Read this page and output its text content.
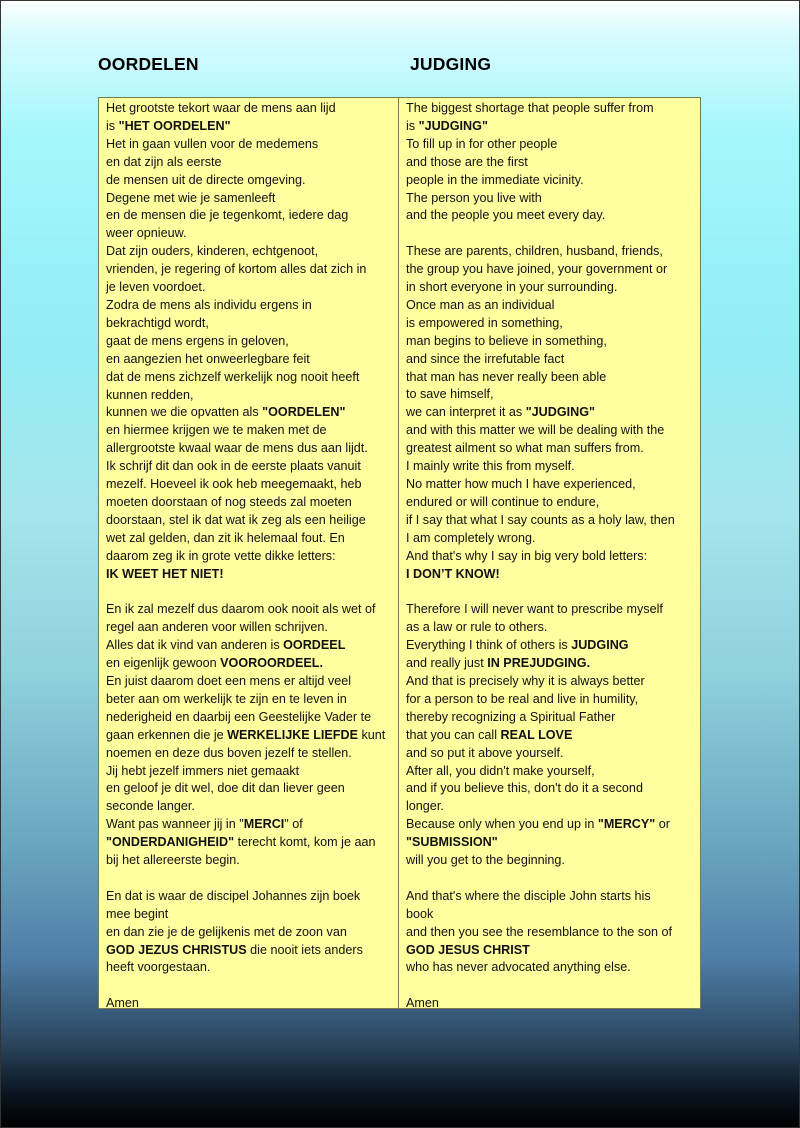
OORDELEN	JUDGING
Het grootste tekort waar de mens aan lijd
is "HET OORDELEN"
Het in gaan vullen voor de medemens
en dat zijn als eerste
de mensen uit de directe omgeving.
Degene met wie je samenleeft
en de mensen die je tegenkomt, iedere dag
weer opnieuw.
Dat zijn ouders, kinderen, echtgenoot,
vrienden, je regering of kortom alles dat zich in
je leven voordoet.
Zodra de mens als individu ergens in
bekrachtigd wordt,
gaat de mens ergens in geloven,
en aangezien het onweerlegbare feit
dat de mens zichzelf werkelijk nog nooit heeft
kunnen redden,
kunnen we die opvatten als "OORDELEN"
en hiermee krijgen we te maken met de
allergrootste kwaal waar de mens dus aan lijdt.
Ik schrijf dit dan ook in de eerste plaats vanuit
mezelf. Hoeveel ik ook heb meegemaakt, heb
moeten doorstaan of nog steeds zal moeten
doorstaan, stel ik dat wat ik zeg als een heilige
wet zal gelden, dan zit ik helemaal fout. En
daarom zeg ik in grote vette dikke letters:
IK WEET HET NIET!
En ik zal mezelf dus daarom ook nooit als wet of
regel aan anderen voor willen schrijven.
Alles dat ik vind van anderen is OORDEEL
en eigenlijk gewoon VOOROORDEEL.
En juist daarom doet een mens er altijd veel
beter aan om werkelijk te zijn en te leven in
nederigheid en daarbij een Geestelijke Vader te
gaan erkennen die je WERKELIJKE LIEFDE kunt
noemen en deze dus boven jezelf te stellen.
Jij hebt jezelf immers niet gemaakt
en geloof je dit wel, doe dit dan liever geen
seconde langer.
Want pas wanneer jij in "MERCI" of
"ONDERDANIGHEID" terecht komt, kom je aan
bij het allereerste begin.
En dat is waar de discipel Johannes zijn boek
mee begint
en dan zie je de gelijkenis met de zoon van
GOD JEZUS CHRISTUS die nooit iets anders
heeft voorgestaan.
Amen
The biggest shortage that people suffer from
is "JUDGING"
To fill up in for other people
and those are the first
people in the immediate vicinity.
The person you live with
and the people you meet every day.
These are parents, children, husband, friends,
the group you have joined, your government or
in short everyone in your surrounding.
Once man as an individual
is empowered in something,
man begins to believe in something,
and since the irrefutable fact
that man has never really been able
to save himself,
we can interpret it as "JUDGING"
and with this matter we will be dealing with the
greatest ailment so what man suffers from.
I mainly write this from myself.
No matter how much I have experienced,
endured or will continue to endure,
if I say that what I say counts as a holy law, then
I am completely wrong.
And that's why I say in big very bold letters:
I DON’T KNOW!
Therefore I will never want to prescribe myself
as a law or rule to others.
Everything I think of others is JUDGING
and really just IN PREJUDGING.
And that is precisely why it is always better
for a person to be real and live in humility,
thereby recognizing a Spiritual Father
that you can call REAL LOVE
and so put it above yourself.
After all, you didn't make yourself,
and if you believe this, don't do it a second
longer.
Because only when you end up in "MERCY" or
"SUBMISSION"
will you get to the beginning.
And that's where the disciple John starts his
book
and then you see the resemblance to the son of
GOD JESUS CHRIST
who has never advocated anything else.
Amen
